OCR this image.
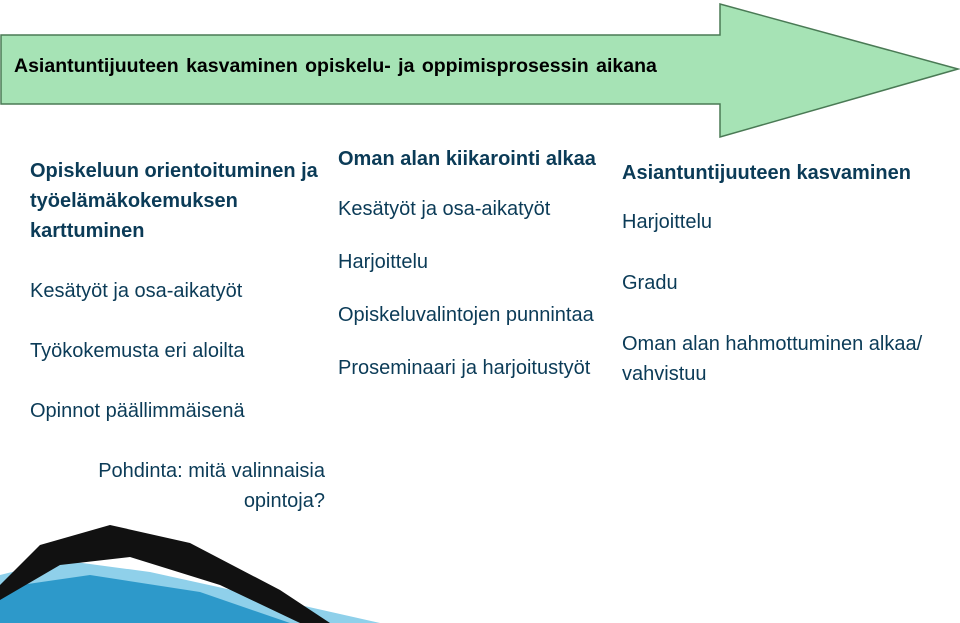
Asiantuntijuuteen kasvaminen opiskelu- ja oppimisprosessin aikana
Opiskeluun orientoituminen ja työelämäkokemuksen karttuminen
Kesätyöt ja osa-aikatyöt
Työkokemusta eri aloilta
Opinnot päällimmäisenä
Pohdinta: mitä valinnaisia opintoja?
Oman alan kiikarointi alkaa
Kesätyöt ja osa-aikatyöt
Harjoittelu
Opiskeluvalintojen punnintaa
Proseminaari ja harjoitustyöt
Asiantuntijuuteen kasvaminen
Harjoittelu
Gradu
Oman alan hahmottuminen alkaa/ vahvistuu
